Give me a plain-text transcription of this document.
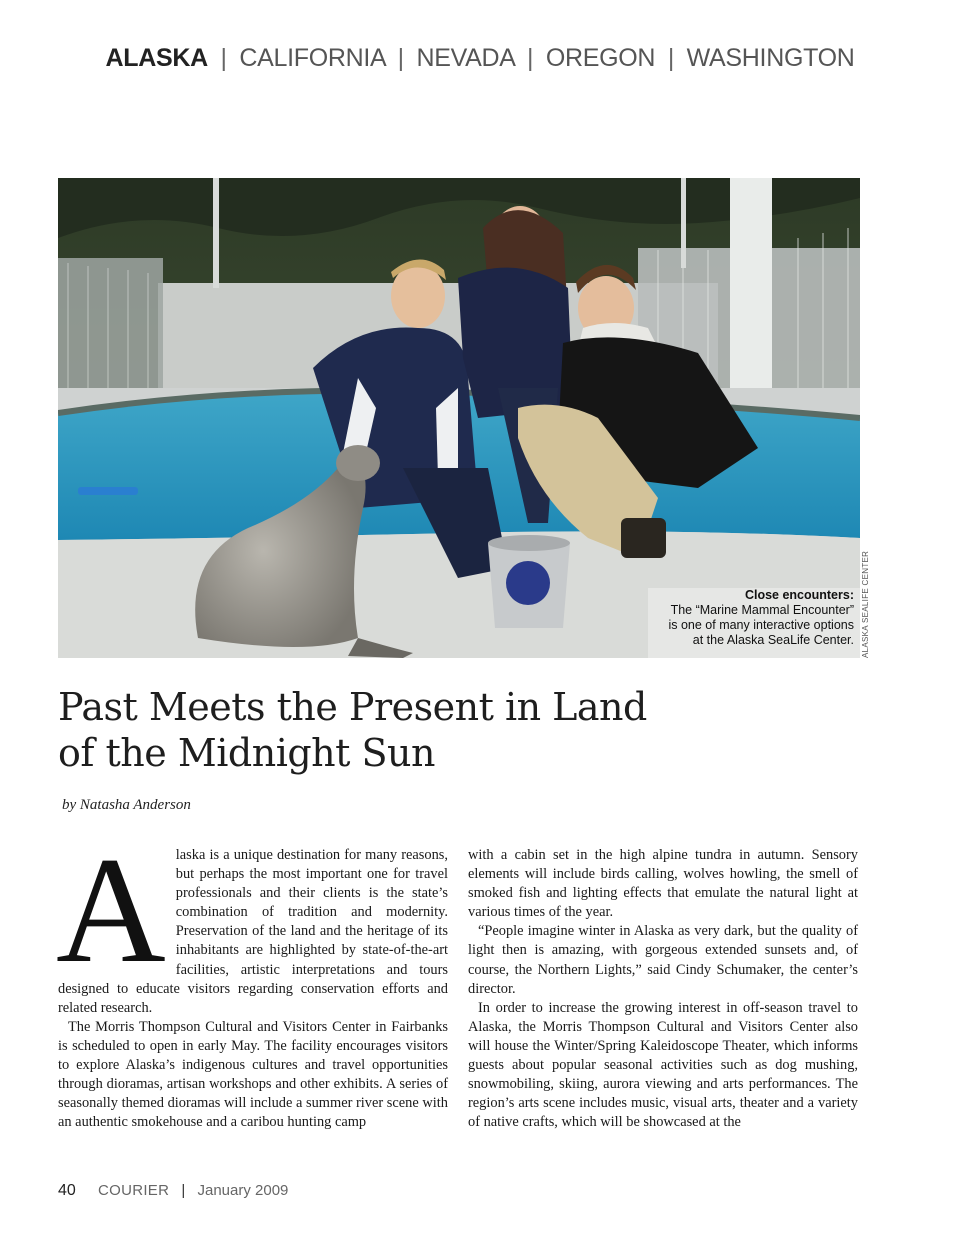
ALASKA | CALIFORNIA | NEVADA | OREGON | WASHINGTON
Close encounters:
The “Marine Mammal Encounter”
is one of many interactive options
at the Alaska SeaLife Center. ALASKA SEALIFE CENTER
Past Meets the Present in Land
of the Midnight Sun
by Natasha Anderson
A laska is a unique destination for many reasons, but perhaps the most important one for travel professionals and their clients is the state’s combination of tradition and modernity. Preservation of the land and the heritage of its inhabitants are highlighted by state-of-the-art facilities, artistic interpretations and tours designed to educate visitors regarding conservation efforts and related research.

The Morris Thompson Cultural and Visitors Center in Fairbanks is scheduled to open in early May. The facility encourages visitors to explore Alaska’s indigenous cultures and travel opportunities through dioramas, artisan workshops and other exhibits. A series of seasonally themed dioramas will include a summer river scene with an authentic smokehouse and a caribou hunting camp

with a cabin set in the high alpine tundra in autumn. Sensory elements will include birds calling, wolves howling, the smell of smoked fish and lighting effects that emulate the natural light at various times of the year.

“People imagine winter in Alaska as very dark, but the quality of light then is amazing, with gorgeous extended sunsets and, of course, the Northern Lights,” said Cindy Schumaker, the center’s director.

In order to increase the growing interest in off-season travel to Alaska, the Morris Thompson Cultural and Visitors Center also will house the Winter/Spring Kaleidoscope Theater, which informs guests about popular seasonal activities such as dog mushing, snowmobiling, skiing, aurora viewing and arts performances. The region’s arts scene includes music, visual arts, theater and a variety of native crafts, which will be showcased at the

40 COURIER | January 2009
